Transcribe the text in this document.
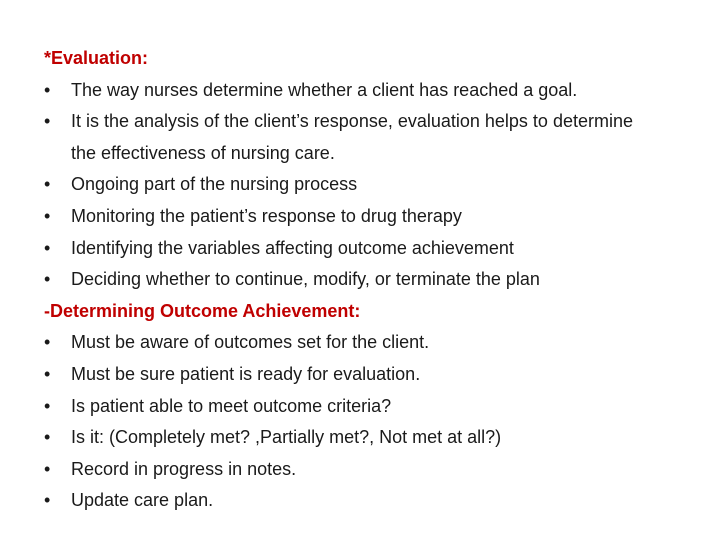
*Evaluation:
• The way nurses determine whether a client has reached a goal.
• It is the analysis of the client’s response, evaluation helps to determine the effectiveness of nursing care.
• Ongoing part of the nursing process
• Monitoring the patient’s response to drug therapy
• Identifying the variables affecting outcome achievement
• Deciding whether to continue, modify, or terminate the plan
-Determining Outcome Achievement:
• Must be aware of outcomes set for the client.
• Must be sure patient is ready for evaluation.
• Is patient able to meet outcome criteria?
• Is it: (Completely met? ,Partially met?, Not met at all?)
• Record in progress in notes.
• Update care plan.
